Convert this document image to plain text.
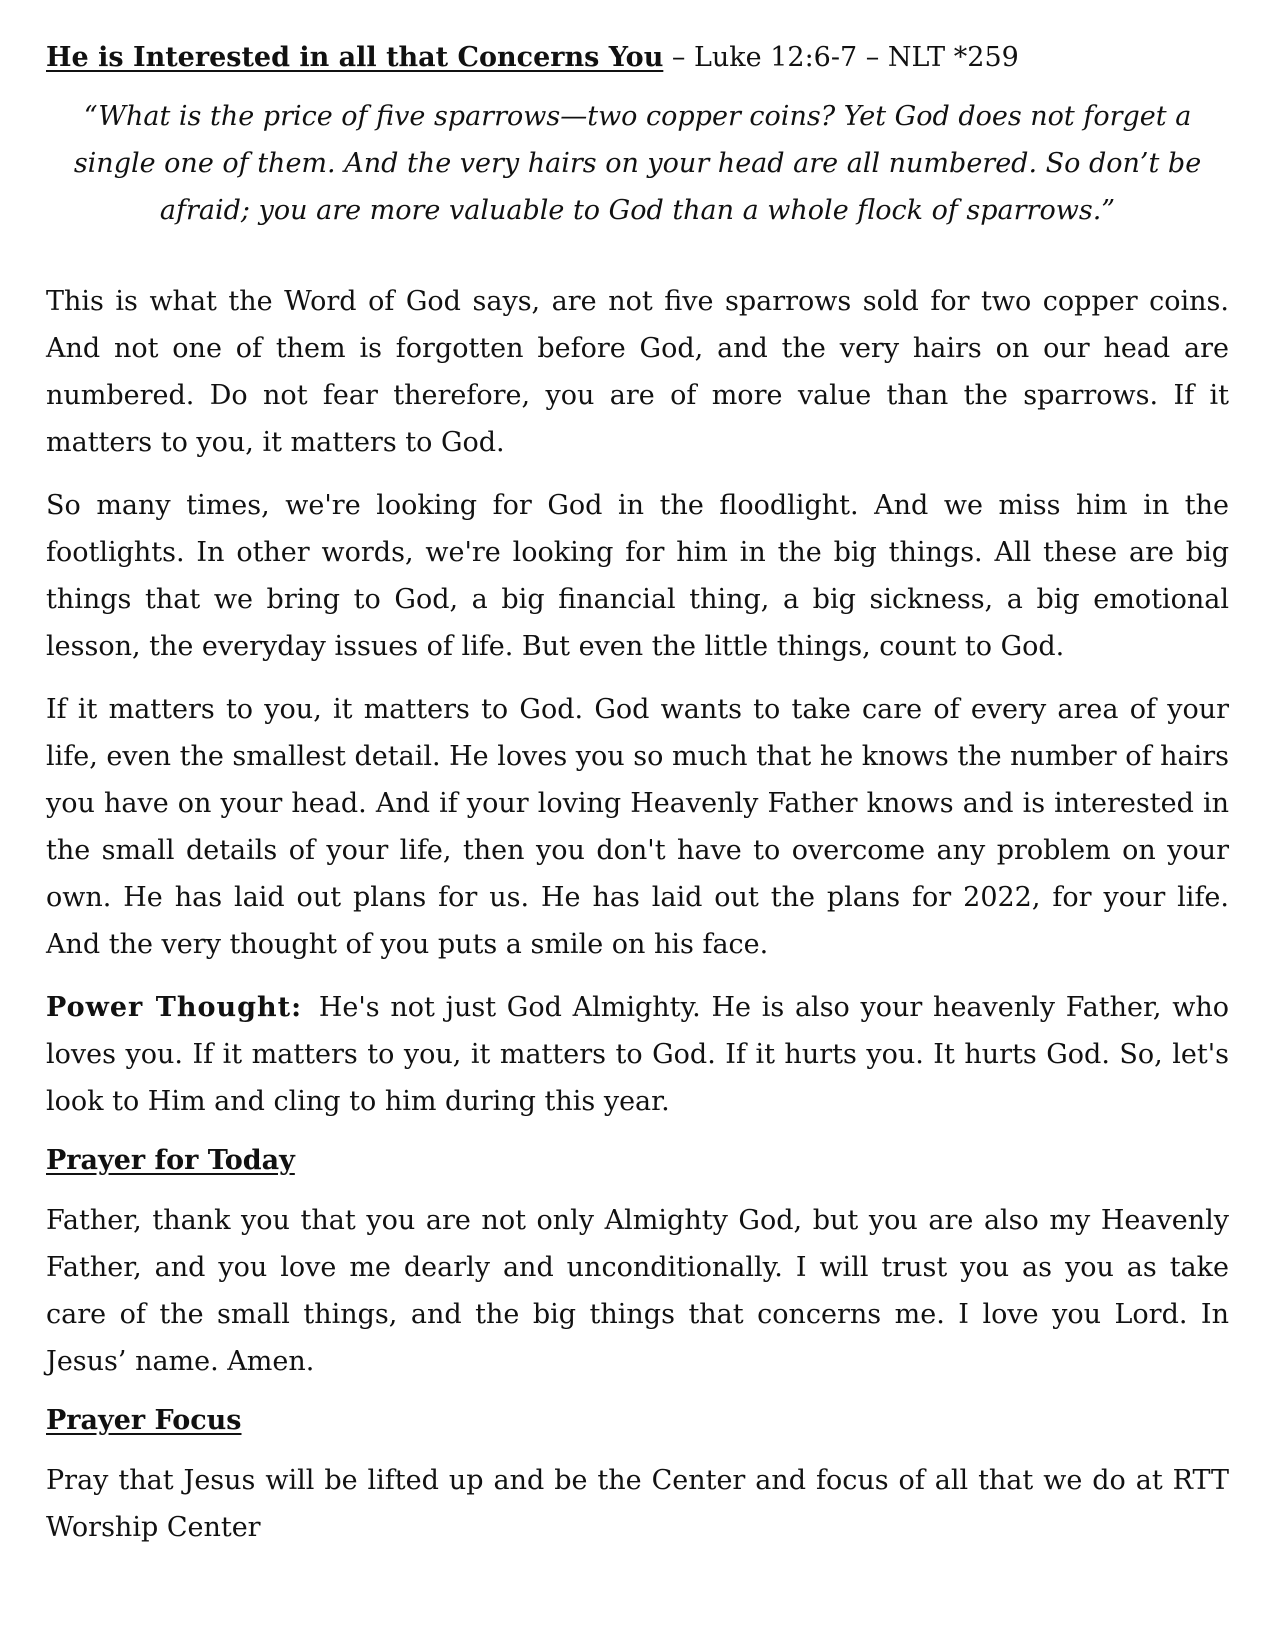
He is Interested in all that Concerns You – Luke 12:6-7 – NLT *259

“What is the price of five sparrows—two copper coins? Yet God does not forget a single one of them. And the very hairs on your head are all numbered. So don’t be afraid; you are more valuable to God than a whole flock of sparrows.”

This is what the Word of God says, are not five sparrows sold for two copper coins. And not one of them is forgotten before God, and the very hairs on our head are numbered. Do not fear therefore, you are of more value than the sparrows. If it matters to you, it matters to God.

So many times, we're looking for God in the floodlight. And we miss him in the footlights. In other words, we're looking for him in the big things. All these are big things that we bring to God, a big financial thing, a big sickness, a big emotional lesson, the everyday issues of life. But even the little things, count to God.

If it matters to you, it matters to God. God wants to take care of every area of your life, even the smallest detail. He loves you so much that he knows the number of hairs you have on your head. And if your loving Heavenly Father knows and is interested in the small details of your life, then you don't have to overcome any problem on your own. He has laid out plans for us. He has laid out the plans for 2022, for your life. And the very thought of you puts a smile on his face.

Power Thought: He's not just God Almighty. He is also your heavenly Father, who loves you. If it matters to you, it matters to God. If it hurts you. It hurts God. So, let's look to Him and cling to him during this year.

Prayer for Today

Father, thank you that you are not only Almighty God, but you are also my Heavenly Father, and you love me dearly and unconditionally. I will trust you as you as take care of the small things, and the big things that concerns me. I love you Lord. In Jesus’ name. Amen.

Prayer Focus

Pray that Jesus will be lifted up and be the Center and focus of all that we do at RTT Worship Center
